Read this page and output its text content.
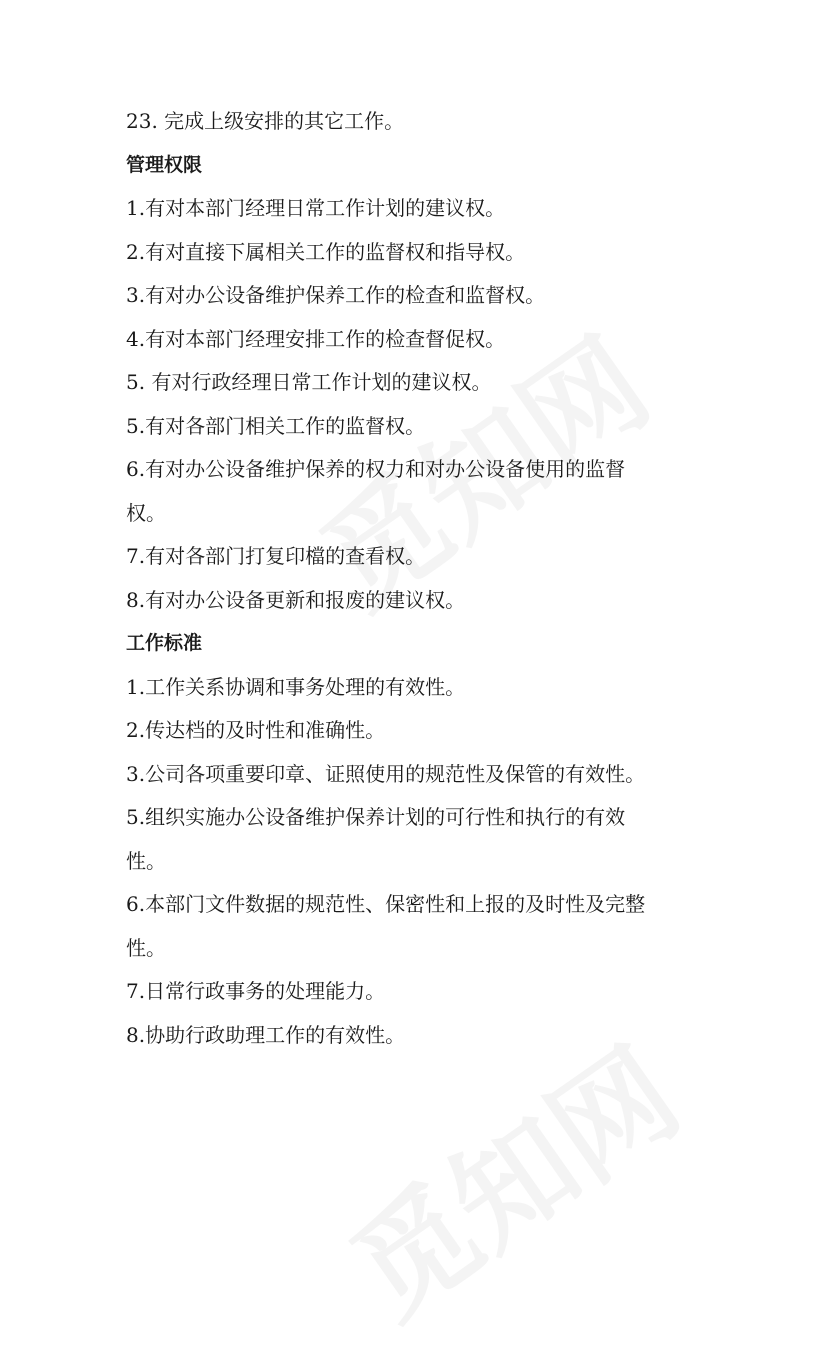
23. 完成上级安排的其它工作。

管理权限

1.有对本部门经理日常工作计划的建议权。

2.有对直接下属相关工作的监督权和指导权。

3.有对办公设备维护保养工作的检查和监督权。

4.有对本部门经理安排工作的检查督促权。

5. 有对行政经理日常工作计划的建议权。

5.有对各部门相关工作的监督权。

6.有对办公设备维护保养的权力和对办公设备使用的监督

权。

7.有对各部门打复印檔的查看权。

8.有对办公设备更新和报废的建议权。

工作标准

1.工作关系协调和事务处理的有效性。

2.传达档的及时性和准确性。

3.公司各项重要印章、证照使用的规范性及保管的有效性。

5.组织实施办公设备维护保养计划的可行性和执行的有效

性。

6.本部门文件数据的规范性、保密性和上报的及时性及完整

性。

7.日常行政事务的处理能力。

8.协助行政助理工作的有效性。
